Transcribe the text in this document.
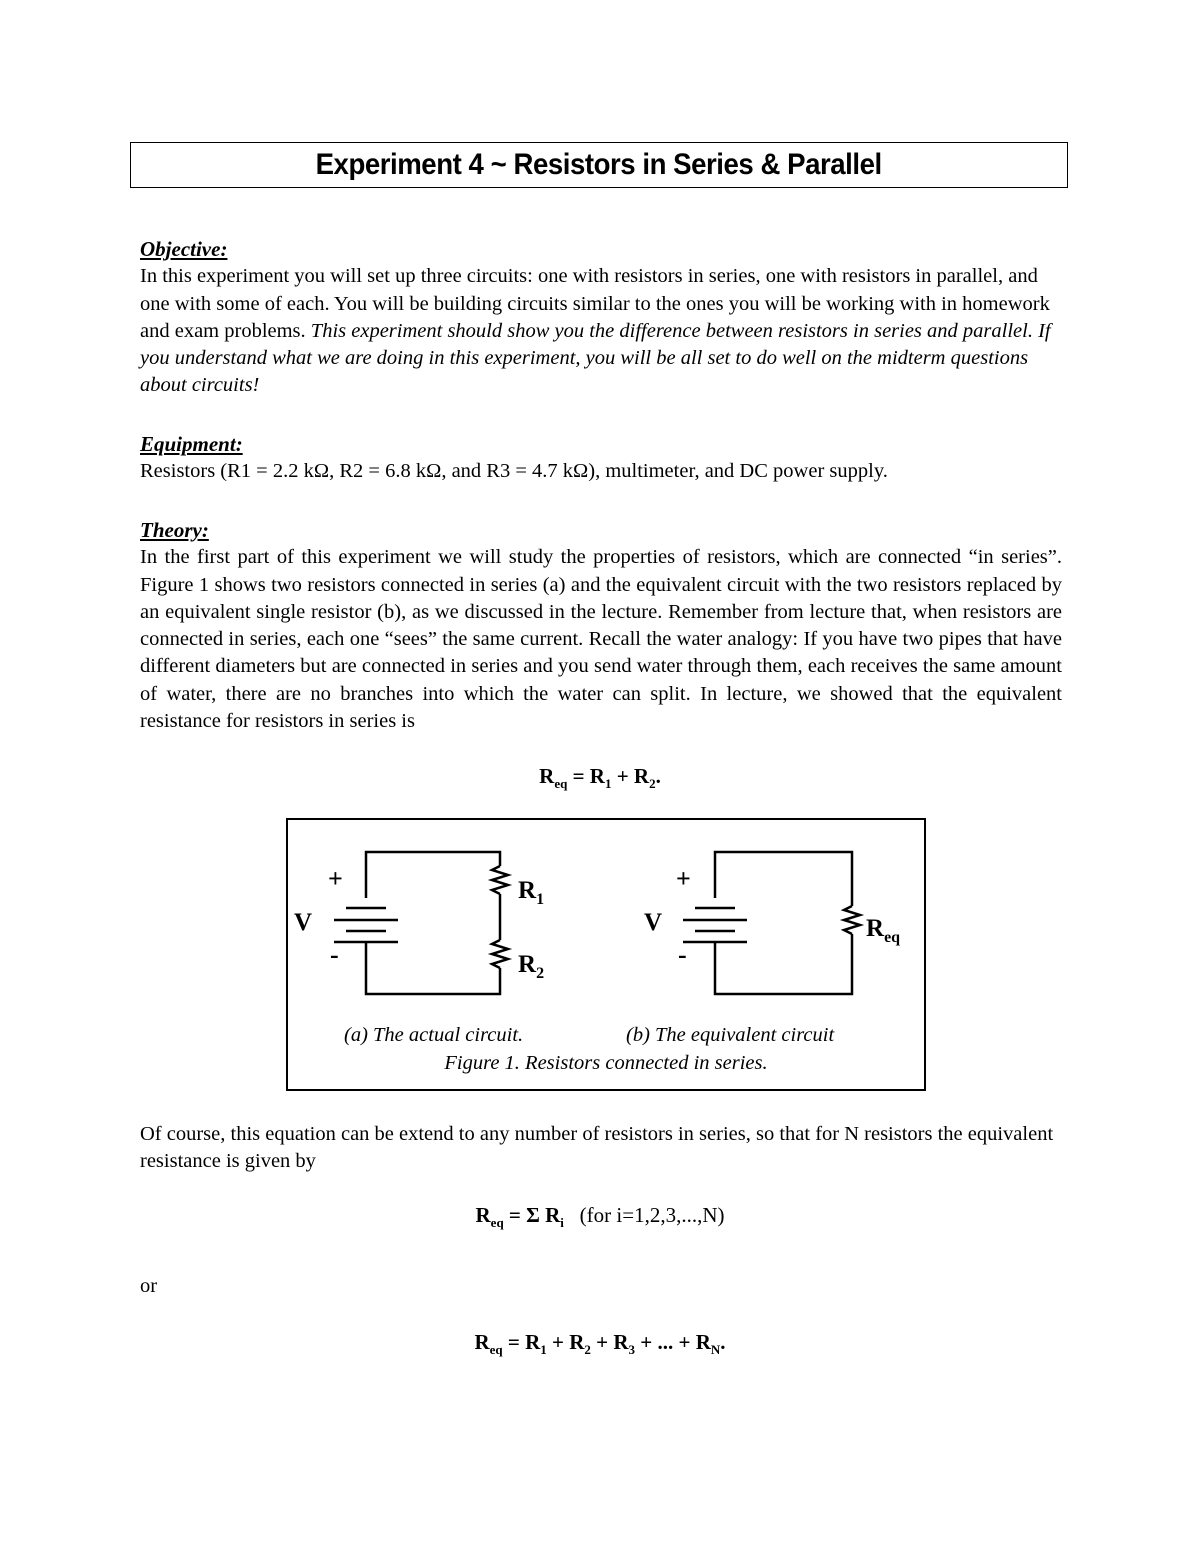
Experiment 4 ~ Resistors in Series & Parallel
Objective:
In this experiment you will set up three circuits: one with resistors in series, one with resistors in parallel, and one with some of each. You will be building circuits similar to the ones you will be working with in homework and exam problems. This experiment should show you the difference between resistors in series and parallel. If you understand what we are doing in this experiment, you will be all set to do well on the midterm questions about circuits!
Equipment:
Resistors (R1 = 2.2 kΩ, R2 = 6.8 kΩ, and R3 = 4.7 kΩ), multimeter, and DC power supply.
Theory:
In the first part of this experiment we will study the properties of resistors, which are connected “in series”. Figure 1 shows two resistors connected in series (a) and the equivalent circuit with the two resistors replaced by an equivalent single resistor (b), as we discussed in the lecture. Remember from lecture that, when resistors are connected in series, each one “sees” the same current. Recall the water analogy: If you have two pipes that have different diameters but are connected in series and you send water through them, each receives the same amount of water, there are no branches into which the water can split. In lecture, we showed that the equivalent resistance for resistors in series is
$R_{eq} = R_1 + R_2$.
+
V
-
$R_1$
$R_2$
+
V
-
$R_{eq}$
(a) The actual circuit.	(b) The equivalent circuit
Figure 1. Resistors connected in series.
Of course, this equation can be extend to any number of resistors in series, so that for N resistors the equivalent resistance is given by
$R_{eq} = \Sigma$ $R_i$   (for i=1,2,3,...,N)
or
$R_{eq} = R_1 + R_2 + R_3$ + ... + $R_N$.
